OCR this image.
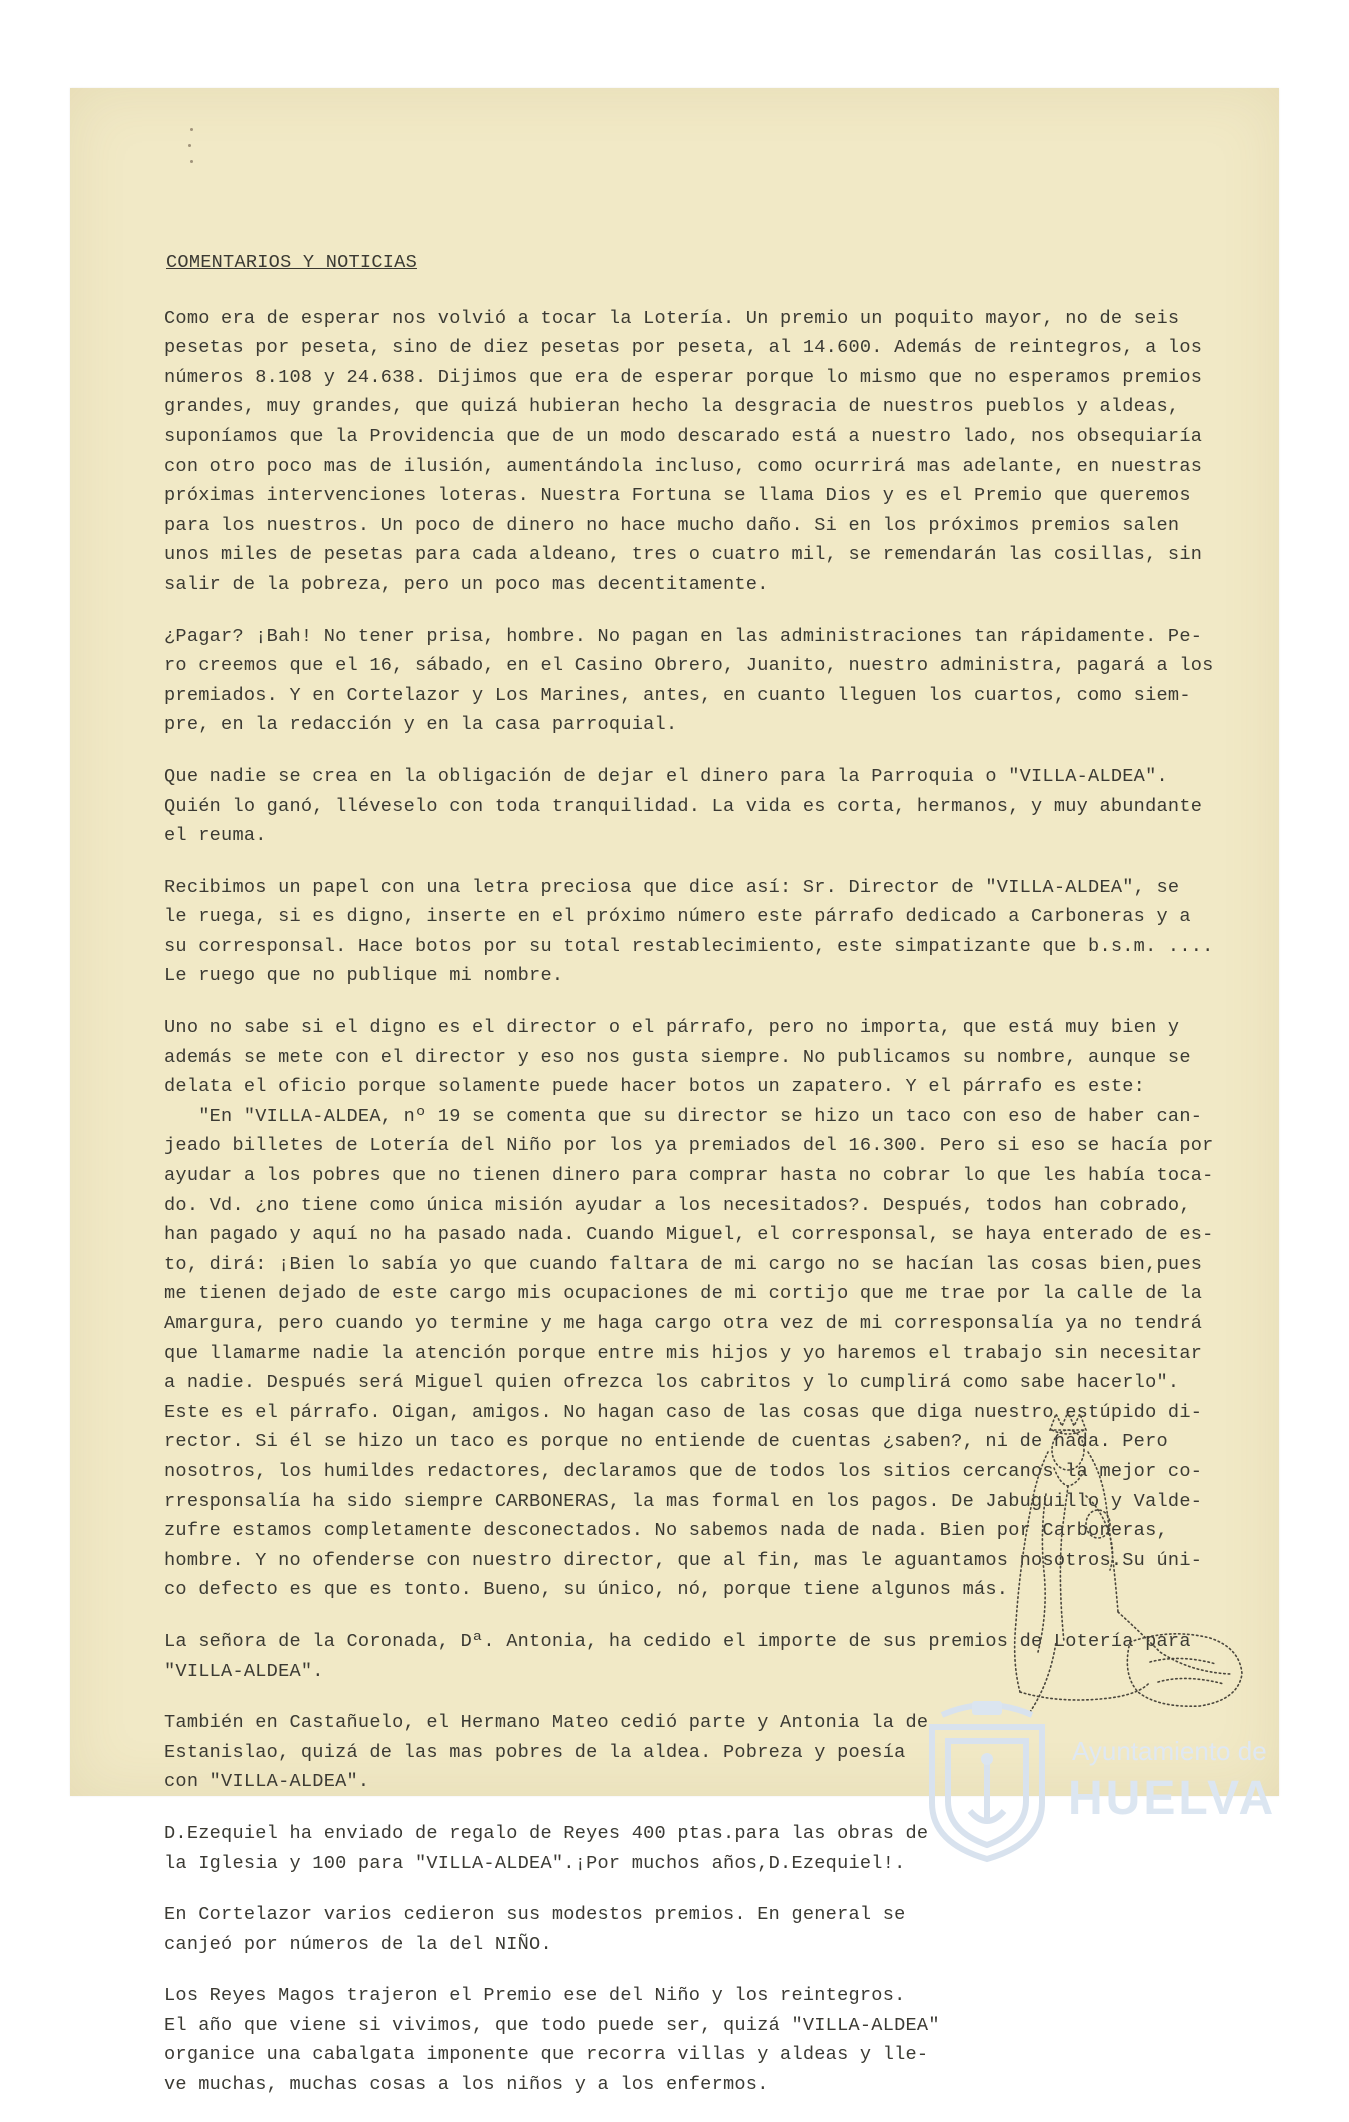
COMENTARIOS Y NOTICIAS
Como era de esperar nos volvió a tocar la Lotería. Un premio un poquito mayor, no de seis
pesetas por peseta, sino de diez pesetas por peseta, al 14.600. Además de reintegros, a los
números 8.108 y 24.638. Dijimos que era de esperar porque lo mismo que no esperamos premios
grandes, muy grandes, que quizá hubieran hecho la desgracia de nuestros pueblos y aldeas,
suponíamos que la Providencia que de un modo descarado está a nuestro lado, nos obsequiaría
con otro poco mas de ilusión, aumentándola incluso, como ocurrirá mas adelante, en nuestras
próximas intervenciones loteras. Nuestra Fortuna se llama Dios y es el Premio que queremos
para los nuestros. Un poco de dinero no hace mucho daño. Si en los próximos premios salen
unos miles de pesetas para cada aldeano, tres o cuatro mil, se remendarán las cosillas, sin
salir de la pobreza, pero un poco mas decentitamente.
¿Pagar? ¡Bah! No tener prisa, hombre. No pagan en las administraciones tan rápidamente. Pe-
ro creemos que el 16, sábado, en el Casino Obrero, Juanito, nuestro administra, pagará a los
premiados. Y en Cortelazor y Los Marines, antes, en cuanto lleguen los cuartos, como siem-
pre, en la redacción y en la casa parroquial.
Que nadie se crea en la obligación de dejar el dinero para la Parroquia o "VILLA-ALDEA".
Quién lo ganó, lléveselo con toda tranquilidad. La vida es corta, hermanos, y muy abundante
el reuma.
Recibimos un papel con una letra preciosa que dice así: Sr. Director de "VILLA-ALDEA", se
le ruega, si es digno, inserte en el próximo número este párrafo dedicado a Carboneras y a
su corresponsal. Hace botos por su total restablecimiento, este simpatizante que b.s.m. ....
Le ruego que no publique mi nombre.
Uno no sabe si el digno es el director o el párrafo, pero no importa, que está muy bien y
además se mete con el director y eso nos gusta siempre. No publicamos su nombre, aunque se
delata el oficio porque solamente puede hacer botos un zapatero. Y el párrafo es este:
"En "VILLA-ALDEA, nº 19 se comenta que su director se hizo un taco con eso de haber can-
jeado billetes de Lotería del Niño por los ya premiados del 16.300. Pero si eso se hacía por
ayudar a los pobres que no tienen dinero para comprar hasta no cobrar lo que les había toca-
do. Vd. ¿no tiene como única misión ayudar a los necesitados?. Después, todos han cobrado,
han pagado y aquí no ha pasado nada. Cuando Miguel, el corresponsal, se haya enterado de es-
to, dirá: ¡Bien lo sabía yo que cuando faltara de mi cargo no se hacían las cosas bien,pues
me tienen dejado de este cargo mis ocupaciones de mi cortijo que me trae por la calle de la
Amargura, pero cuando yo termine y me haga cargo otra vez de mi corresponsalía ya no tendrá
que llamarme nadie la atención porque entre mis hijos y yo haremos el trabajo sin necesitar
a nadie. Después será Miguel quien ofrezca los cabritos y lo cumplirá como sabe hacerlo".
Este es el párrafo. Oigan, amigos. No hagan caso de las cosas que diga nuestro estúpido di-
rector. Si él se hizo un taco es porque no entiende de cuentas ¿saben?, ni de nada. Pero
nosotros, los humildes redactores, declaramos que de todos los sitios cercanos la mejor co-
rresponsalía ha sido siempre CARBONERAS, la mas formal en los pagos. De Jabuguillo y Valde-
zufre estamos completamente desconectados. No sabemos nada de nada. Bien por Carboneras,
hombre. Y no ofenderse con nuestro director, que al fin, mas le aguantamos nosotros.Su úni-
co defecto es que es tonto. Bueno, su único, nó, porque tiene algunos más.
La señora de la Coronada, Dª. Antonia, ha cedido el importe de sus premios de Lotería para
"VILLA-ALDEA".
También en Castañuelo, el Hermano Mateo cedió parte y Antonia la de
Estanislao, quizá de las mas pobres de la aldea. Pobreza y poesía
con "VILLA-ALDEA".
D.Ezequiel ha enviado de regalo de Reyes 400 ptas.para las obras de
la Iglesia y 100 para "VILLA-ALDEA".¡Por muchos años,D.Ezequiel!.
En Cortelazor varios cedieron sus modestos premios. En general se
canjeó por números de la del NIÑO.
Los Reyes Magos trajeron el Premio ese del Niño y los reintegros.
El año que viene si vivimos, que todo puede ser, quizá "VILLA-ALDEA"
organice una cabalgata imponente que recorra villas y aldeas y lle-
ve muchas, muchas cosas a los niños y a los enfermos.
Ayuntamiento de
HUELVA
